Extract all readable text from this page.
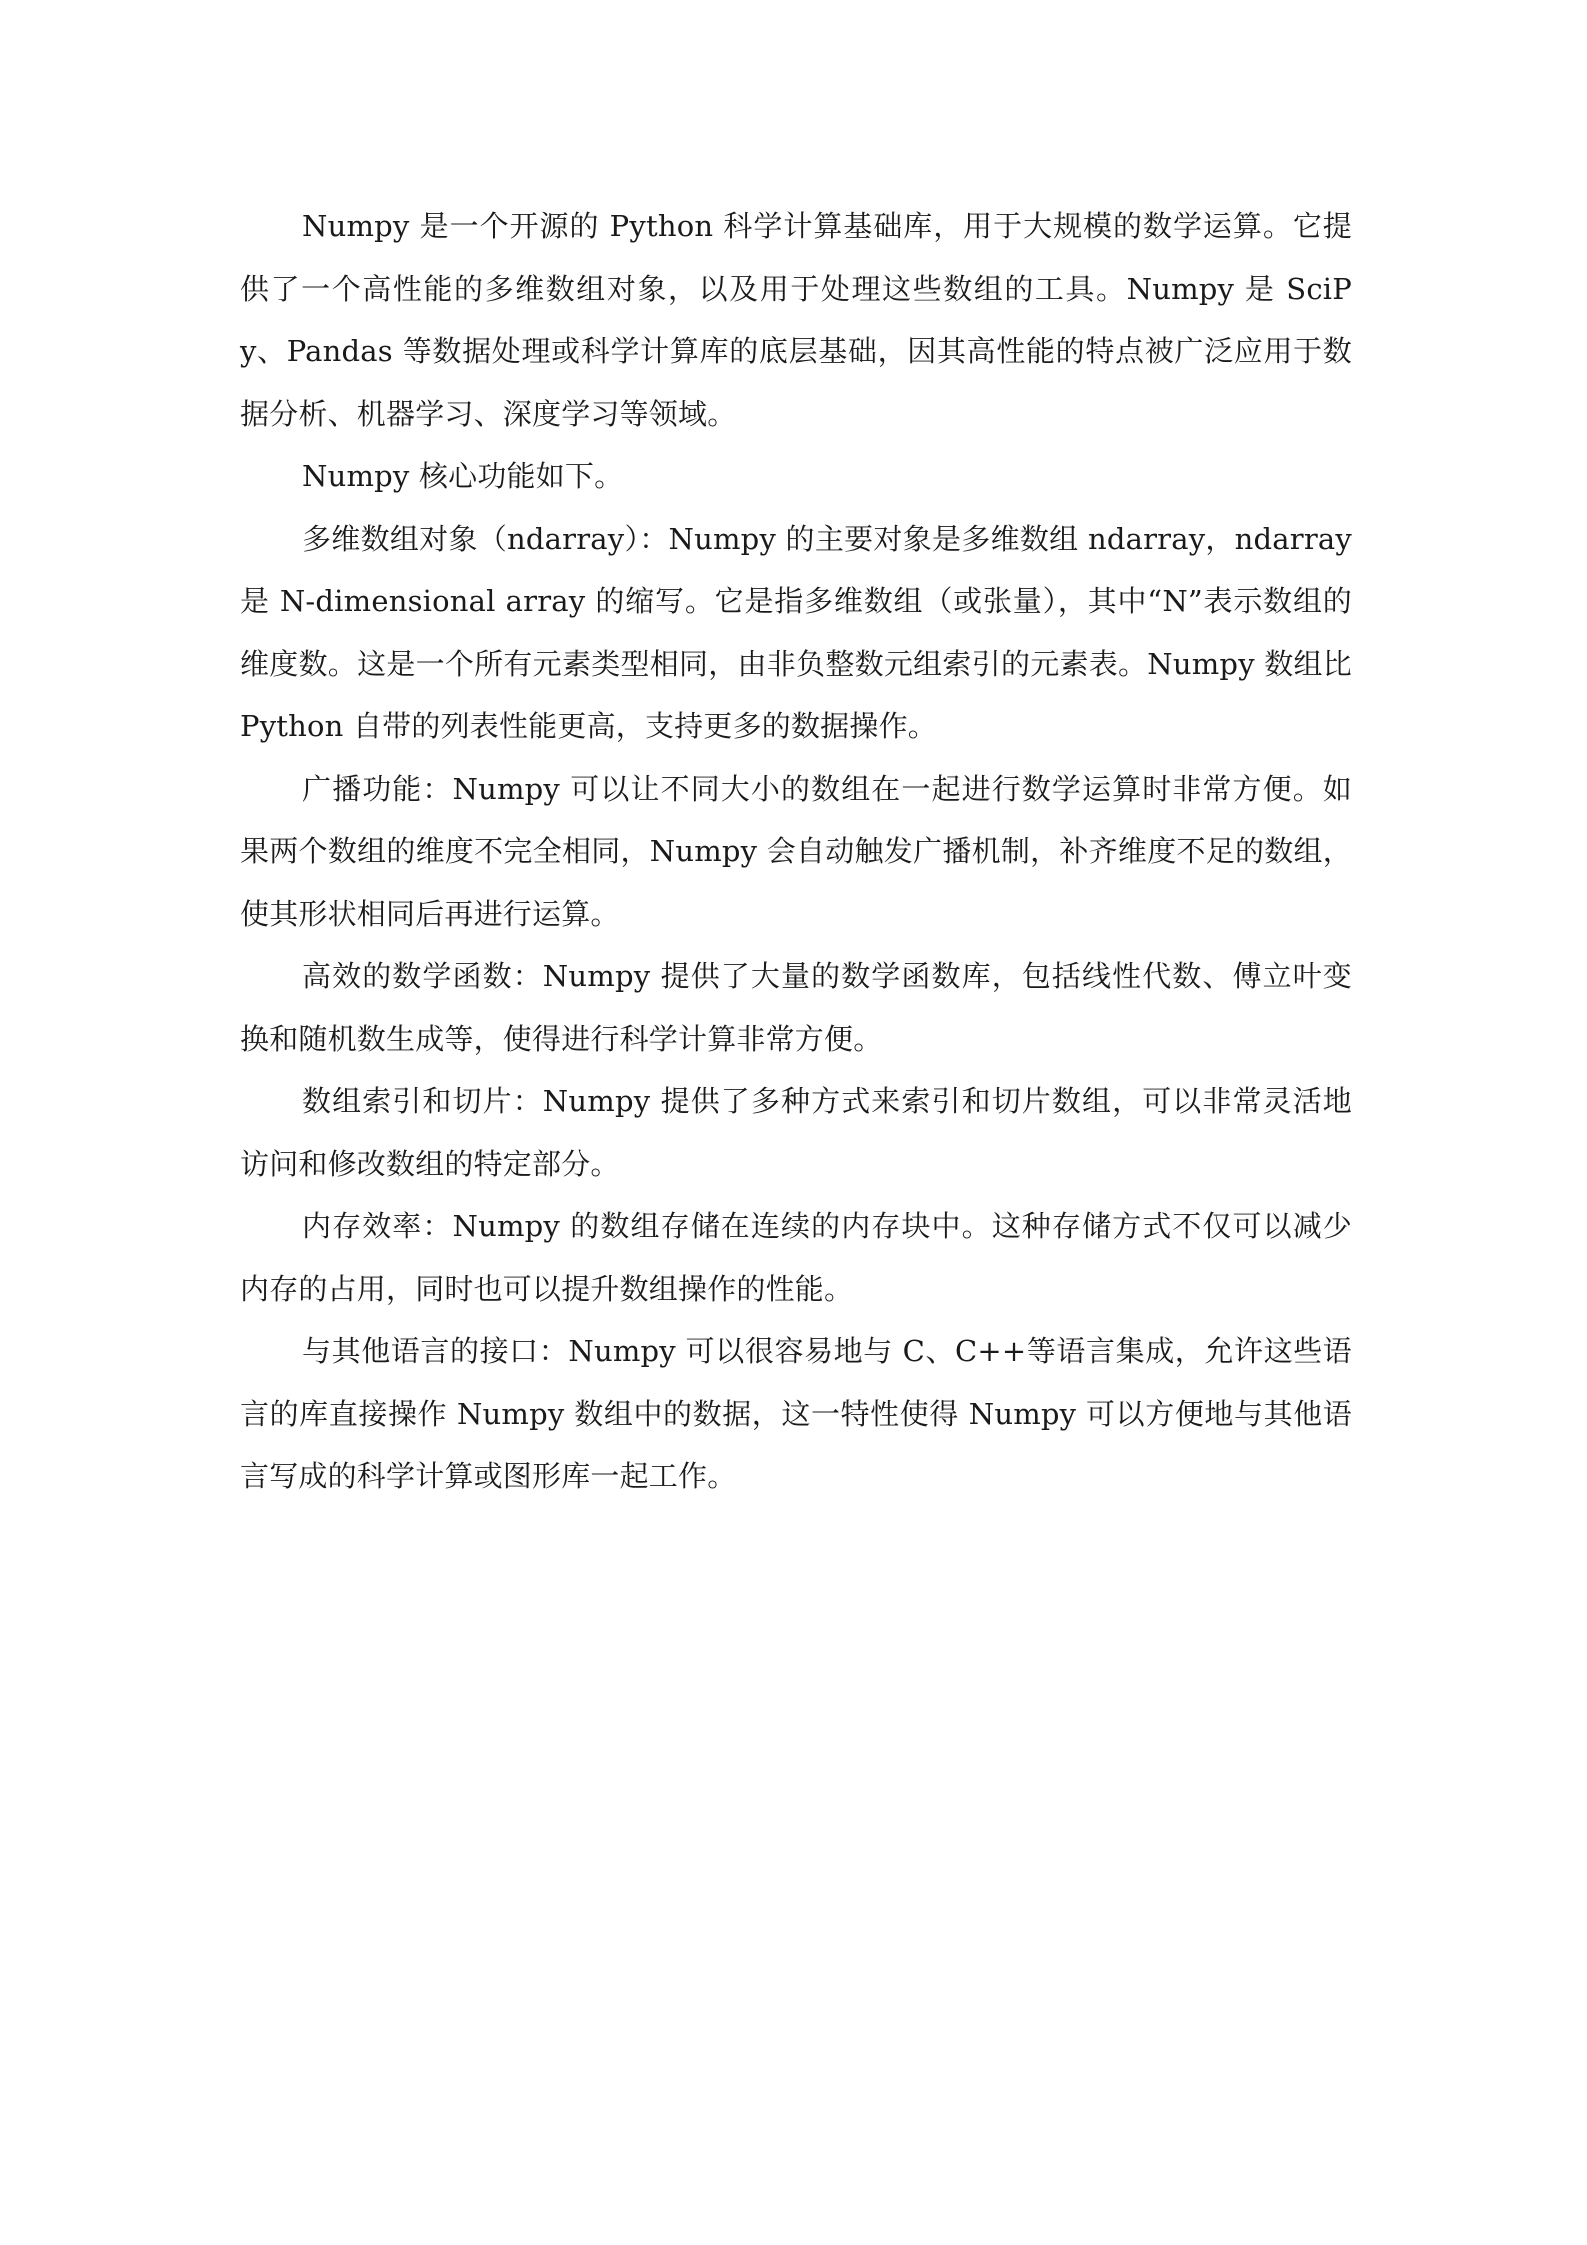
Numpy 是一个开源的 Python 科学计算基础库，用于大规模的数学运算。它提供了一个高性能的多维数组对象，以及用于处理这些数组的工具。Numpy 是 SciPy、Pandas 等数据处理或科学计算库的底层基础，因其高性能的特点被广泛应用于数据分析、机器学习、深度学习等领域。

Numpy 核心功能如下。

多维数组对象（ndarray）：Numpy 的主要对象是多维数组 ndarray，ndarray 是 N-dimensional array 的缩写。它是指多维数组（或张量），其中“N”表示数组的维度数。这是一个所有元素类型相同，由非负整数元组索引的元素表。Numpy 数组比 Python 自带的列表性能更高，支持更多的数据操作。

广播功能：Numpy 可以让不同大小的数组在一起进行数学运算时非常方便。如果两个数组的维度不完全相同，Numpy 会自动触发广播机制，补齐维度不足的数组，使其形状相同后再进行运算。

高效的数学函数：Numpy 提供了大量的数学函数库，包括线性代数、傅立叶变换和随机数生成等，使得进行科学计算非常方便。

数组索引和切片：Numpy 提供了多种方式来索引和切片数组，可以非常灵活地访问和修改数组的特定部分。

内存效率：Numpy 的数组存储在连续的内存块中。这种存储方式不仅可以减少内存的占用，同时也可以提升数组操作的性能。

与其他语言的接口：Numpy 可以很容易地与 C、C++等语言集成，允许这些语言的库直接操作 Numpy 数组中的数据，这一特性使得 Numpy 可以方便地与其他语言写成的科学计算或图形库一起工作。
